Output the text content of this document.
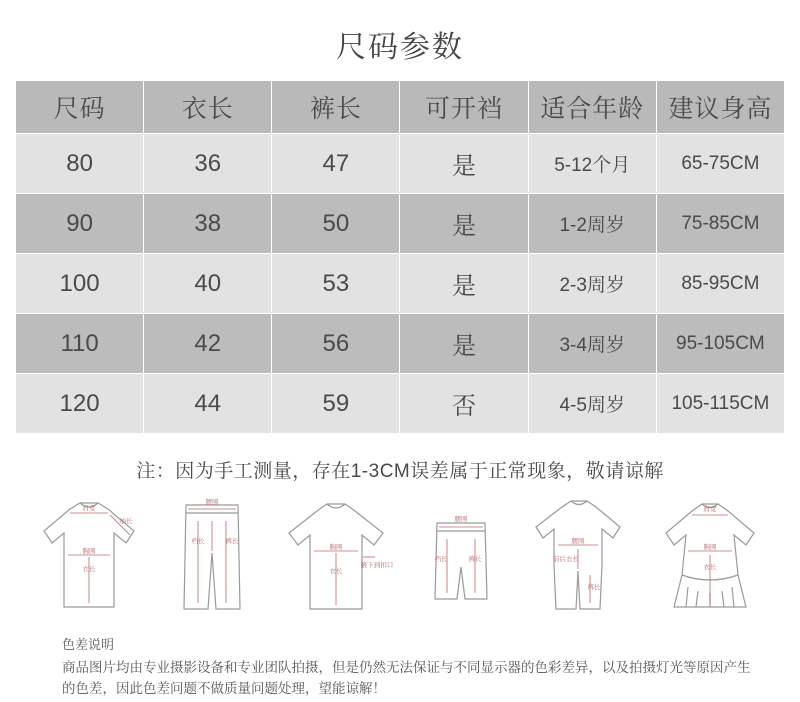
尺码参数
尺码	衣长	裤长	可开裆	适合年龄	建议身高
80	36	47	是	5-12个月	65-75CM
90	38	50	是	1-2周岁	75-85CM
100	40	53	是	2-3周岁	85-95CM
110	42	56	是	3-4周岁	95-105CM
120	44	59	否	4-5周岁	105-115CM
注：因为手工测量，存在1-3CM误差属于正常现象，敬请谅解
肩宽
袖长
胸围
衣长
腰围
裤长
档长
胸围
衣长
腋下到扣口
腰围
裤长
档长
腰围
前后衣长
裤长
肩宽
胸围
衣长
色差说明
商品图片均由专业摄影设备和专业团队拍摄，但是仍然无法保证与不同显示器的色彩差异，以及拍摄灯光等原因产生的色差，因此色差问题不做质量问题处理，望能谅解！
